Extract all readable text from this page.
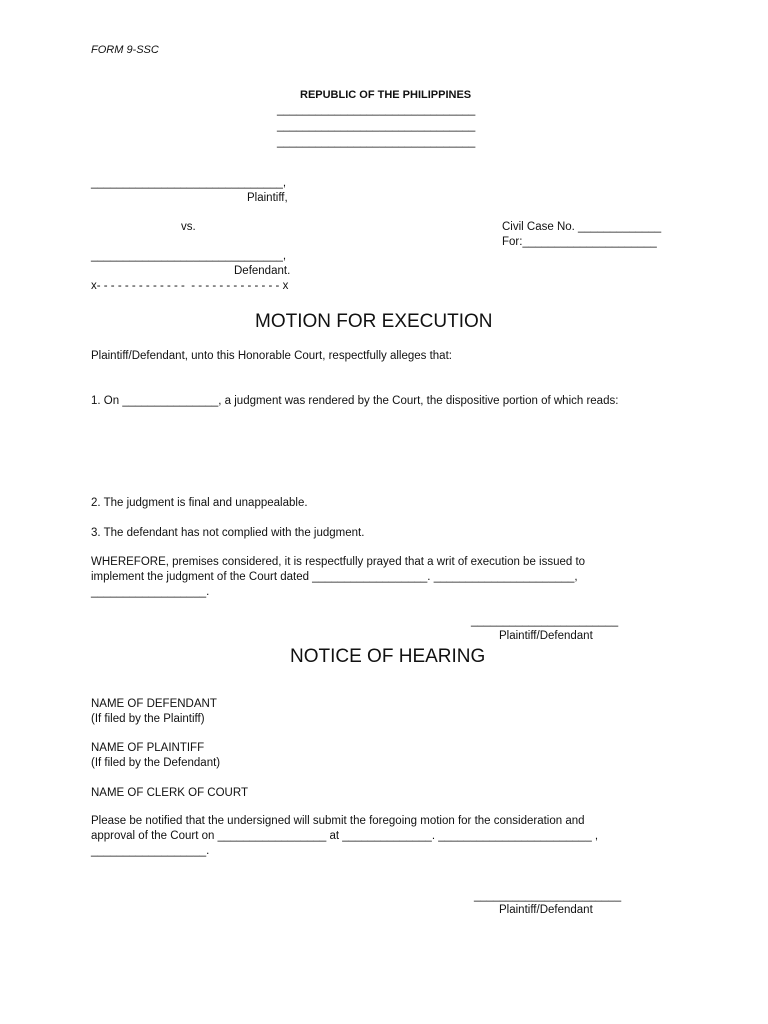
FORM 9-SSC
REPUBLIC OF THE PHILIPPINES
_______________________________
_______________________________
_______________________________
______________________________,
Plaintiff,
vs.	Civil Case No. _____________
For:_____________________
______________________________,
Defendant.
x- - - - - - - - - - - - -  - - - - - - - - - - - - - x
MOTION FOR EXECUTION
Plaintiff/Defendant, unto this Honorable Court, respectfully alleges that:
1. On _______________, a judgment was rendered by the Court, the dispositive portion of which reads:
2. The judgment is final and unappealable.
3. The defendant has not complied with the judgment.
WHEREFORE, premises considered, it is respectfully prayed that a writ of execution be issued to
implement the judgment of the Court dated __________________. ______________________,
__________________.
_______________________
Plaintiff/Defendant
NOTICE OF HEARING
NAME OF DEFENDANT
(If filed by the Plaintiff)
NAME OF PLAINTIFF
(If filed by the Defendant)
NAME OF CLERK OF COURT
Please be notified that the undersigned will submit the foregoing motion for the consideration and
approval of the Court on _________________ at ______________. ________________________ ,
__________________.
_______________________
Plaintiff/Defendant
